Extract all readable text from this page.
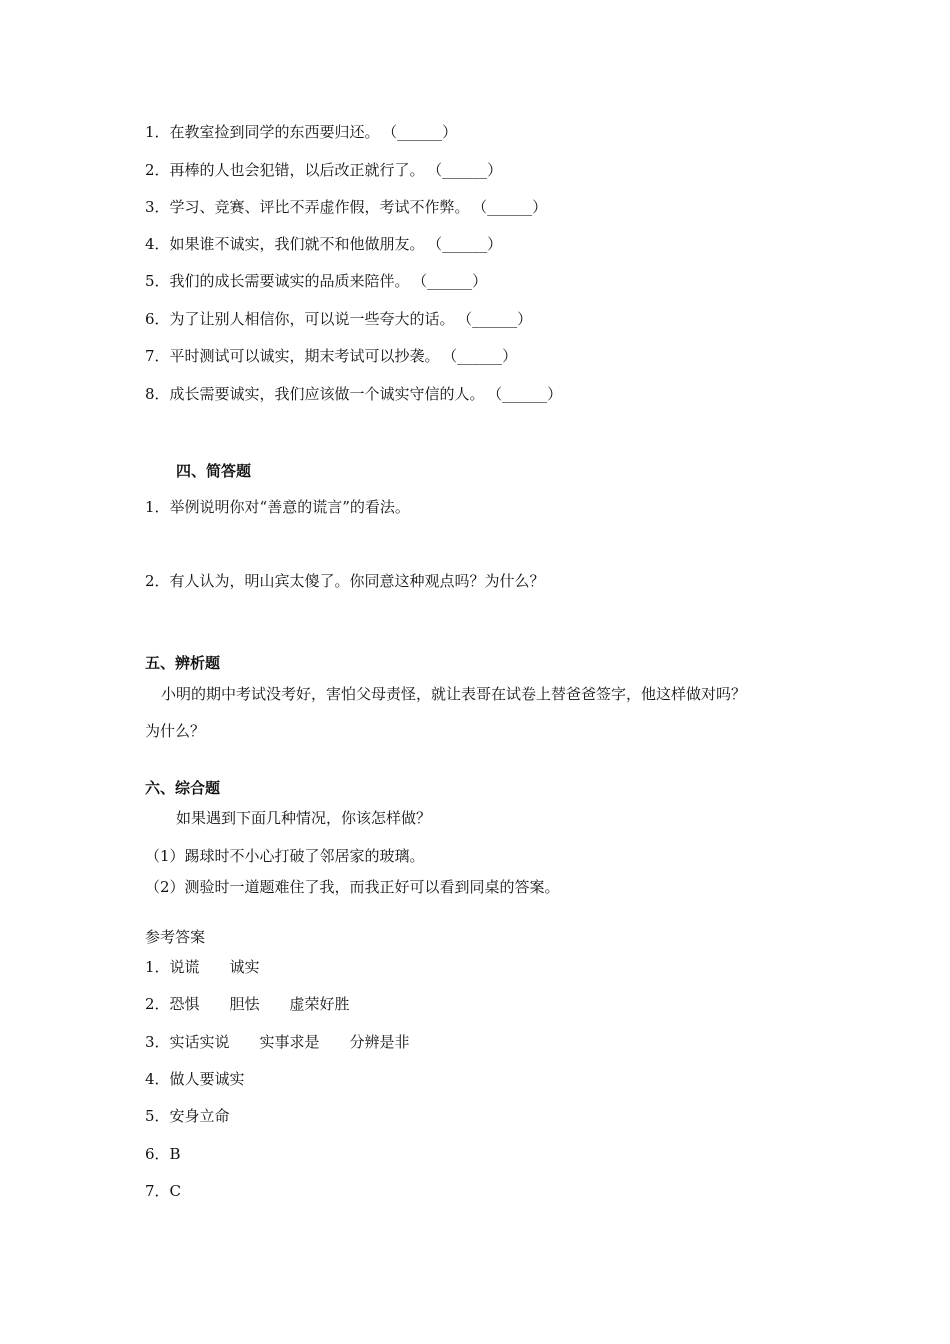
1．在教室捡到同学的东西要归还。 （______）
2．再棒的人也会犯错，以后改正就行了。 （______）
3．学习、竞赛、评比不弄虚作假，考试不作弊。 （______）
4．如果谁不诚实，我们就不和他做朋友。 （______）
5．我们的成长需要诚实的品质来陪伴。 （______）
6．为了让别人相信你，可以说一些夸大的话。 （______）
7．平时测试可以诚实，期末考试可以抄袭。 （______）
8．成长需要诚实，我们应该做一个诚实守信的人。 （______）
四、简答题
1．举例说明你对“善意的谎言”的看法。
2．有人认为，明山宾太傻了。你同意这种观点吗？为什么？
五、辨析题
小明的期中考试没考好，害怕父母责怪，就让表哥在试卷上替爸爸签字，他这样做对吗？
为什么？
六、综合题
如果遇到下面几种情况，你该怎样做？
（1）踢球时不小心打破了邻居家的玻璃。
（2）测验时一道题难住了我，而我正好可以看到同桌的答案。
参考答案
1．说谎　　诚实
2．恐惧　　胆怯　　虚荣好胜
3．实话实说　　实事求是　　分辨是非
4．做人要诚实
5．安身立命
6．B
7．C
